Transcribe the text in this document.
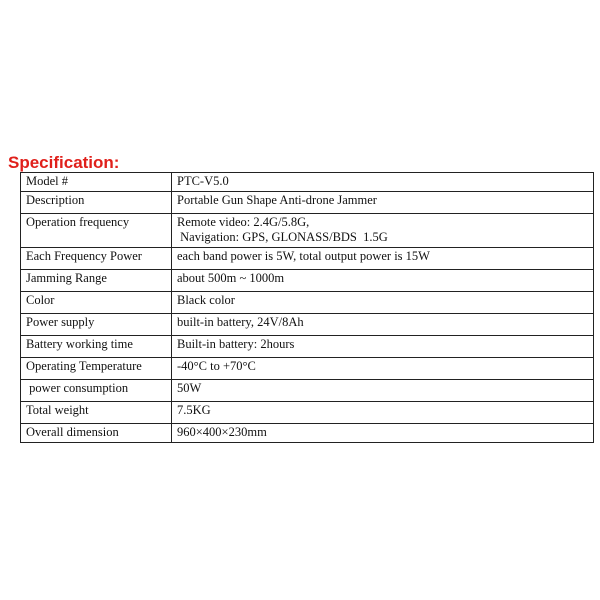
Specification:
Model #	PTC-V5.0

Description	Portable Gun Shape Anti-drone Jammer

Operation frequency	Remote video: 2.4G/5.8G,
Navigation: GPS, GLONASS/BDS  1.5G

Each Frequency Power	each band power is 5W, total output power is 15W

Jamming Range	about 500m ~ 1000m

Color	Black color

Power supply	built-in battery, 24V/8Ah

Battery working time	Built-in battery: 2hours

Operating Temperature	-40°C to +70°C

power consumption	50W

Total weight	7.5KG

Overall dimension	960×400×230mm
